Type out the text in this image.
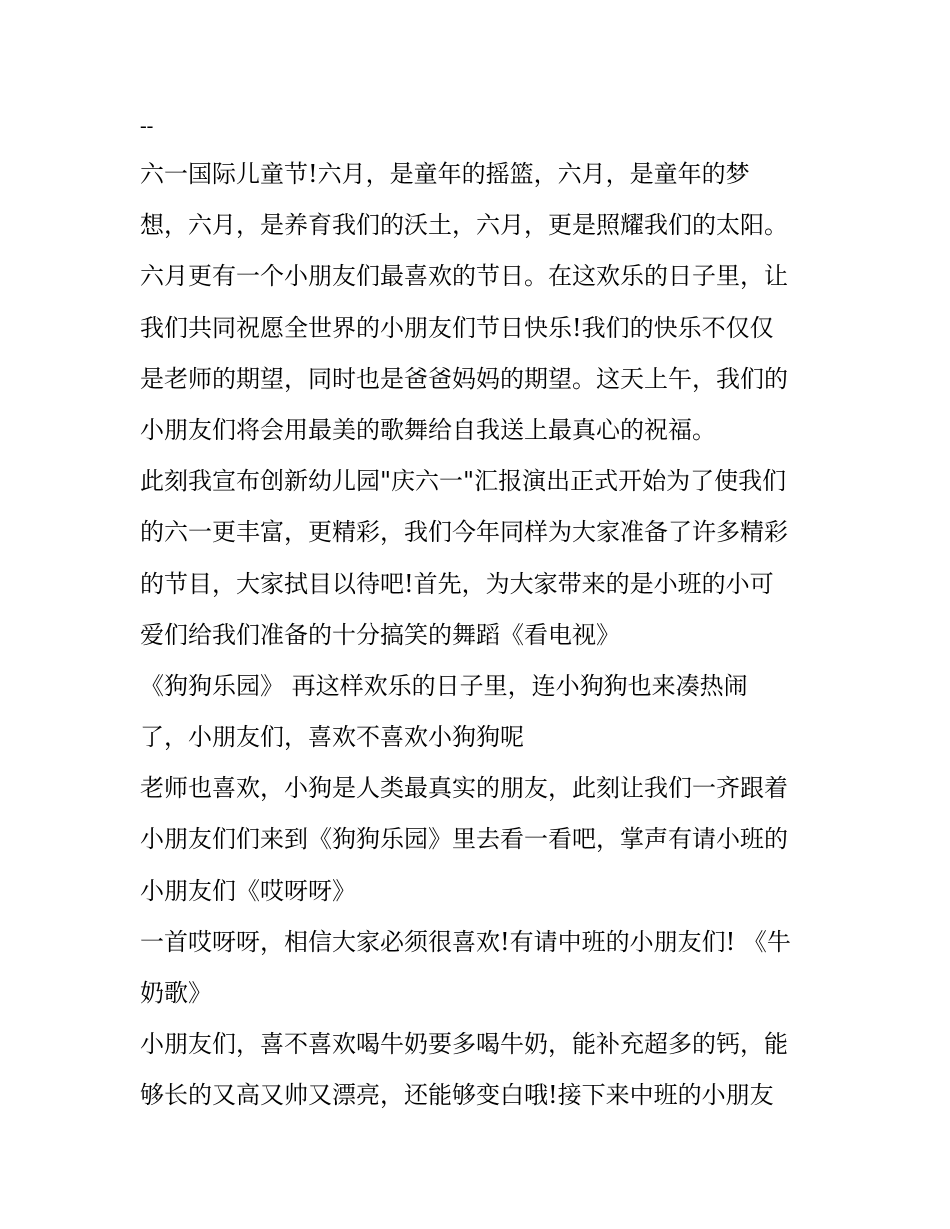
--
六一国际儿童节!六月，是童年的摇篮，六月，是童年的梦
想，六月，是养育我们的沃土，六月，更是照耀我们的太阳。
六月更有一个小朋友们最喜欢的节日。在这欢乐的日子里，让
我们共同祝愿全世界的小朋友们节日快乐!我们的快乐不仅仅
是老师的期望，同时也是爸爸妈妈的期望。这天上午，我们的
小朋友们将会用最美的歌舞给自我送上最真心的祝福。
此刻我宣布创新幼儿园"庆六一"汇报演出正式开始为了使我们
的六一更丰富，更精彩，我们今年同样为大家准备了许多精彩
的节目，大家拭目以待吧!首先，为大家带来的是小班的小可
爱们给我们准备的十分搞笑的舞蹈《看电视》
《狗狗乐园》 再这样欢乐的日子里，连小狗狗也来凑热闹
了，小朋友们，喜欢不喜欢小狗狗呢
老师也喜欢，小狗是人类最真实的朋友，此刻让我们一齐跟着
小朋友们们来到《狗狗乐园》里去看一看吧，掌声有请小班的
小朋友们《哎呀呀》
一首哎呀呀，相信大家必须很喜欢!有请中班的小朋友们! 《牛
奶歌》
小朋友们，喜不喜欢喝牛奶要多喝牛奶，能补充超多的钙，能
够长的又高又帅又漂亮，还能够变白哦!接下来中班的小朋友
